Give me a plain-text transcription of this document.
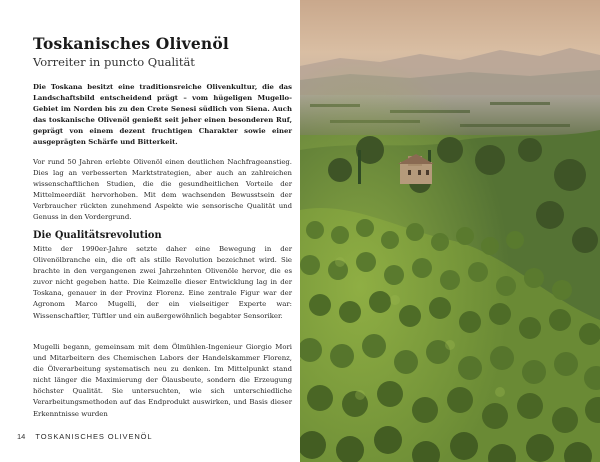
Toskanisches Olivenöl
Vorreiter in puncto Qualität

Die Toskana besitzt eine traditionsreiche Olivenkultur, die das Landschaftsbild entscheidend prägt – vom hügeligen Mugello-Gebiet im Norden bis zu den Crete Senesi südlich von Siena. Auch das toskanische Olivenöl genießt seit jeher einen besonderen Ruf, geprägt von einem dezent fruchtigen Charakter sowie einer ausgeprägten Schärfe und Bitterkeit.

Vor rund 50 Jahren erlebte Olivenöl einen deutlichen Nachfrageanstieg. Dies lag an verbesserten Marktstrategien, aber auch an zahlreichen wissenschaftlichen Studien, die die gesundheitlichen Vorteile der Mittelmeerdiät hervorhoben. Mit dem wachsenden Bewusstsein der Verbraucher rückten zunehmend Aspekte wie sensorische Qualität und Genuss in den Vordergrund.

Die Qualitätsrevolution

Mitte der 1990er-Jahre setzte daher eine Bewegung in der Olivenölbranche ein, die oft als stille Revolution bezeichnet wird. Sie brachte in den vergangenen zwei Jahrzehnten Olivenöle hervor, die es zuvor nicht gegeben hatte. Die Keimzelle dieser Entwicklung lag in der Toskana, genauer in der Provinz Florenz. Eine zentrale Figur war der Agronom Marco Mugelli, der ein vielseitiger Experte war: Wissenschaftler, Tüftler und ein außergewöhnlich begabter Sensoriker.

Mugelli begann, gemeinsam mit dem Ölmühlen-Ingenieur Giorgio Mori und Mitarbeitern des Chemischen Labors der Handelskammer Florenz, die Ölverarbeitung systematisch neu zu denken. Im Mittelpunkt stand nicht länger die Maximierung der Ölausbeute, sondern die Erzeugung höchster Qualität. Sie untersuchten, wie sich unterschiedliche Verarbeitungsmethoden auf das Endprodukt auswirken, und Basis dieser Erkenntnisse wurden

14 TOSKANISCHES OLIVENÖL
